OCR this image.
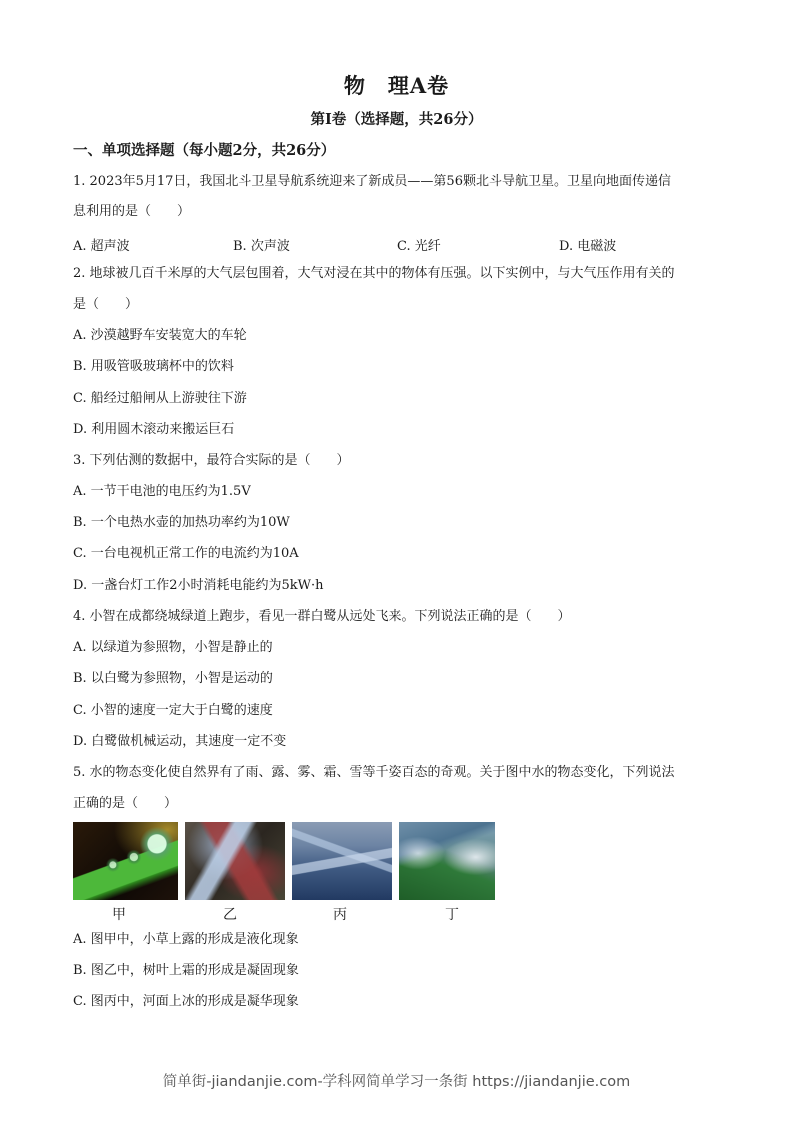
物 理A卷
第Ⅰ卷（选择题，共26分）
一、单项选择题（每小题2分，共26分）
1. 2023年5月17日，我国北斗卫星导航系统迎来了新成员——第56颗北斗导航卫星。卫星向地面传递信
息利用的是（　　）
A. 超声波	B. 次声波	C. 光纤	D. 电磁波
2. 地球被几百千米厚的大气层包围着，大气对浸在其中的物体有压强。以下实例中，与大气压作用有关的
是（　　）
A. 沙漠越野车安装宽大的车轮
B. 用吸管吸玻璃杯中的饮料
C. 船经过船闸从上游驶往下游
D. 利用圆木滚动来搬运巨石
3. 下列估测的数据中，最符合实际的是（　　）
A. 一节干电池的电压约为1.5V
B. 一个电热水壶的加热功率约为10W
C. 一台电视机正常工作的电流约为10A
D. 一盏台灯工作2小时消耗电能约为5kW·h
4. 小智在成都绕城绿道上跑步，看见一群白鹭从远处飞来。下列说法正确的是（　　）
A. 以绿道为参照物，小智是静止的
B. 以白鹭为参照物，小智是运动的
C. 小智的速度一定大于白鹭的速度
D. 白鹭做机械运动，其速度一定不变
5. 水的物态变化使自然界有了雨、露、雾、霜、雪等千姿百态的奇观。关于图中水的物态变化，下列说法
正确的是（　　）
甲	乙	丙	丁
A. 图甲中，小草上露的形成是液化现象
B. 图乙中，树叶上霜的形成是凝固现象
C. 图丙中，河面上冰的形成是凝华现象
简单街-jiandanjie.com-学科网简单学习一条街 https://jiandanjie.com
